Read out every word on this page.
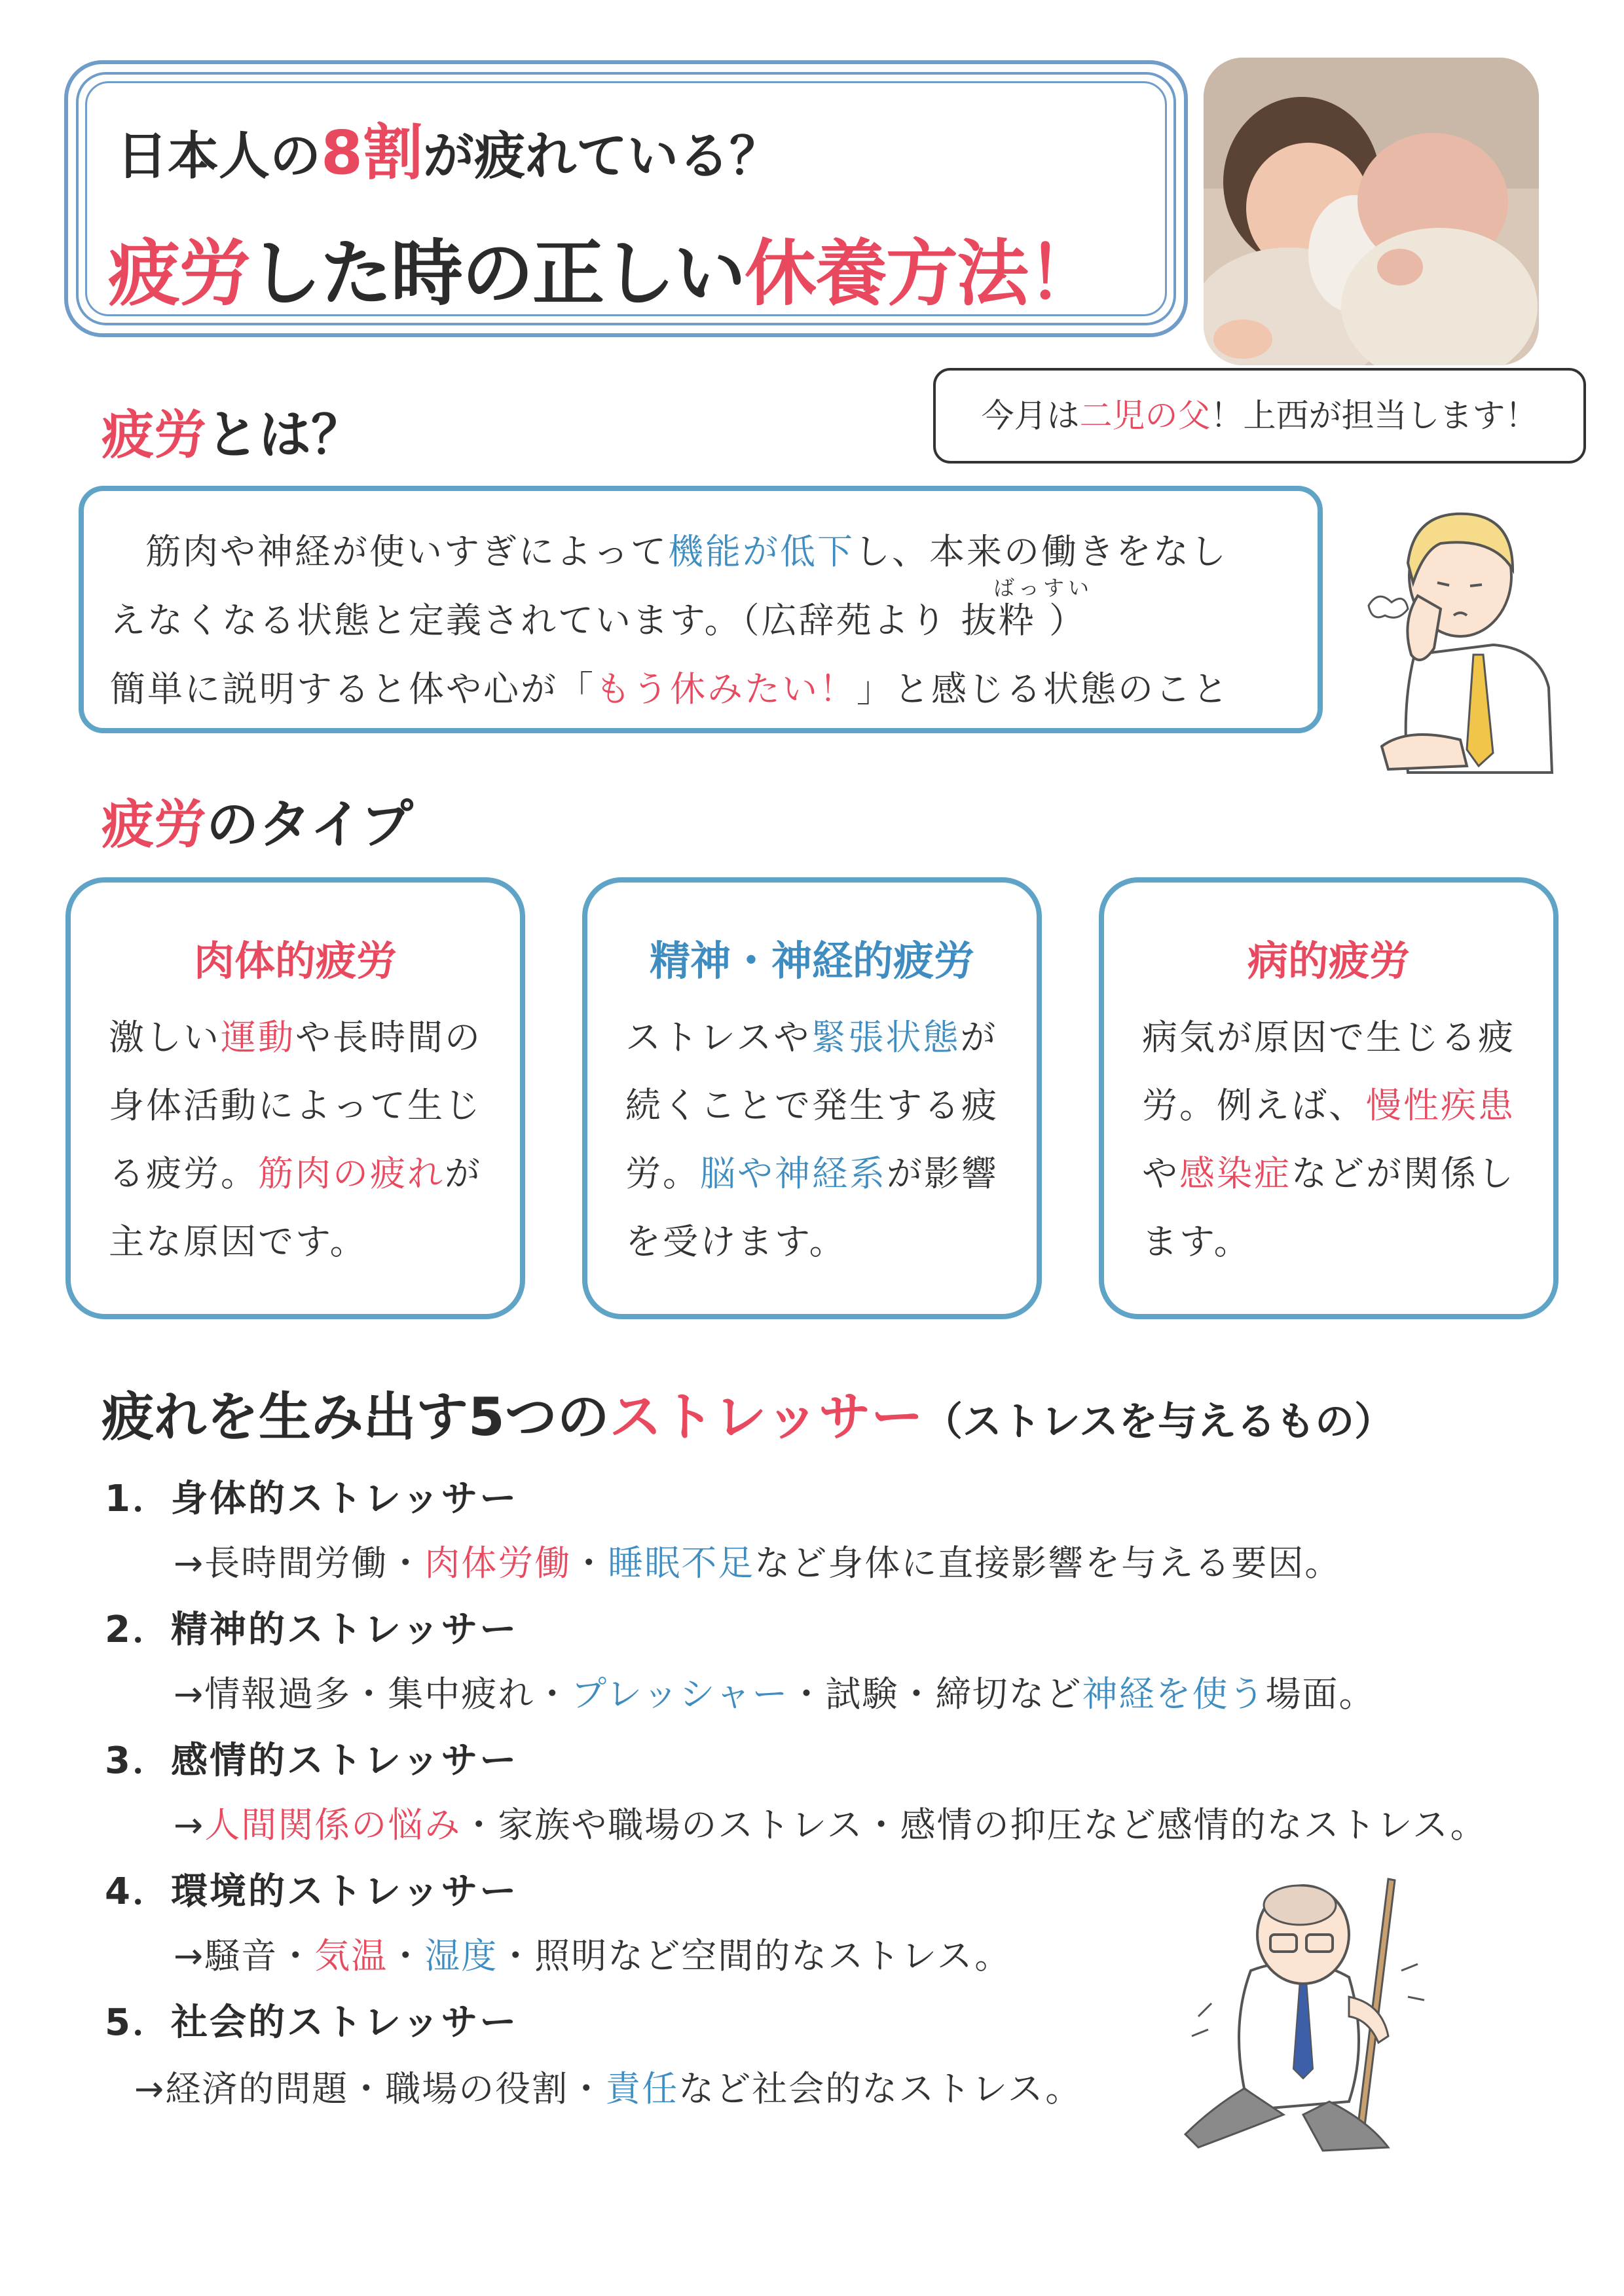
日本人の8割が疲れている？
疲労した時の正しい休養方法！
今月は二児の父！上西が担当します！
疲労とは？
筋肉や神経が使いすぎによって機能が低下し、本来の働きをなし
ばっすい
えなくなる状態と定義されています。（広辞苑より 抜粋 ）
簡単に説明すると体や心が「もう休みたい！」と感じる状態のこと
疲労のタイプ
肉体的疲労
激しい運動や長時間の
身体活動によって生じ
る疲労。筋肉の疲れが
主な原因です。
精神・神経的疲労
ストレスや緊張状態が
続くことで発生する疲
労。脳や神経系が影響
を受けます。
病的疲労
病気が原因で生じる疲
労。例えば、慢性疾患
や感染症などが関係し
ます。
疲れを生み出す5つのストレッサー（ストレスを与えるもの）
1．身体的ストレッサー
→長時間労働・肉体労働・睡眠不足など身体に直接影響を与える要因。
2．精神的ストレッサー
→情報過多・集中疲れ・プレッシャー・試験・締切など神経を使う場面。
3．感情的ストレッサー
→人間関係の悩み・家族や職場のストレス・感情の抑圧など感情的なストレス。
4．環境的ストレッサー
→騒音・気温・湿度・照明など空間的なストレス。
5．社会的ストレッサー
→経済的問題・職場の役割・責任など社会的なストレス。
